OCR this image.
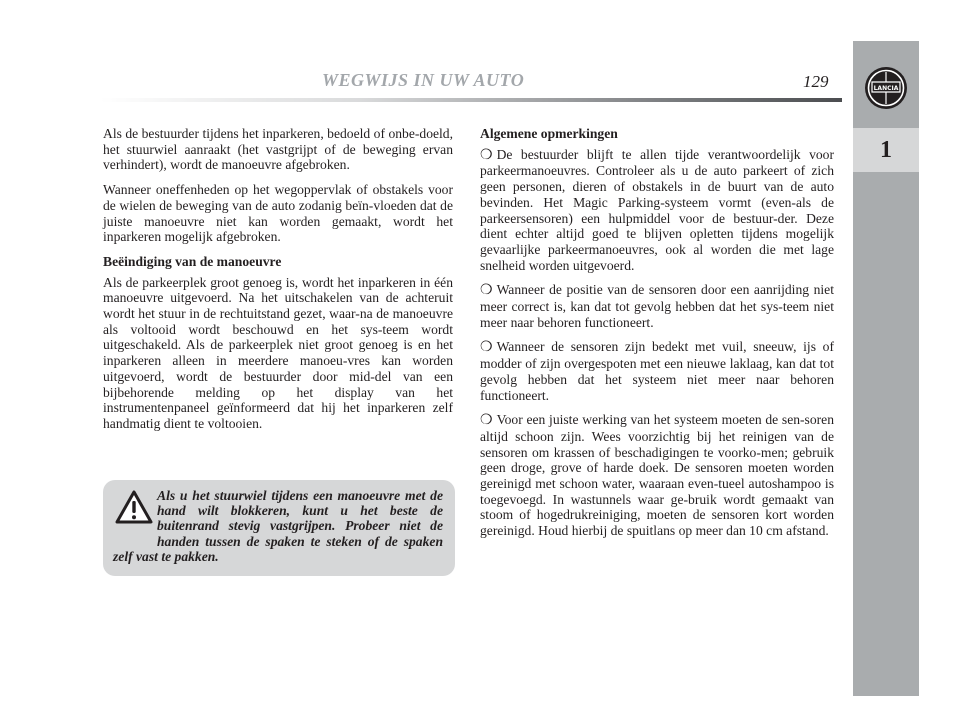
WEGWIJS IN UW AUTO	129	LANCIA
1

Als de bestuurder tijdens het inparkeren, bedoeld of onbe-doeld, het stuurwiel aanraakt (het vastgrijpt of de beweging ervan verhindert), wordt de manoeuvre afgebroken.

Wanneer oneffenheden op het wegoppervlak of obstakels voor de wielen de beweging van de auto zodanig beïn-vloeden dat de juiste manoeuvre niet kan worden gemaakt, wordt het inparkeren mogelijk afgebroken.

Beëindiging van de manoeuvre

Als de parkeerplek groot genoeg is, wordt het inparkeren in één manoeuvre uitgevoerd. Na het uitschakelen van de achteruit wordt het stuur in de rechtuitstand gezet, waar-na de manoeuvre als voltooid wordt beschouwd en het sys-teem wordt uitgeschakeld. Als de parkeerplek niet groot genoeg is en het inparkeren alleen in meerdere manoeu-vres kan worden uitgevoerd, wordt de bestuurder door mid-del van een bijbehorende melding op het display van het instrumentenpaneel geïnformeerd dat hij het inparkeren zelf handmatig dient te voltooien.

Als u het stuurwiel tijdens een manoeuvre met de hand wilt blokkeren, kunt u het beste de buitenrand stevig vastgrijpen. Probeer niet de handen tussen de spaken te steken of de spaken zelf vast te pakken.

Algemene opmerkingen

❍ De bestuurder blijft te allen tijde verantwoordelijk voor parkeermanoeuvres. Controleer als u de auto parkeert of zich geen personen, dieren of obstakels in de buurt van de auto bevinden. Het Magic Parking-systeem vormt (even-als de parkeersensoren) een hulpmiddel voor de bestuur-der. Deze dient echter altijd goed te blijven opletten tijdens mogelijk gevaarlijke parkeermanoeuvres, ook al worden die met lage snelheid worden uitgevoerd.

❍ Wanneer de positie van de sensoren door een aanrijding niet meer correct is, kan dat tot gevolg hebben dat het sys-teem niet meer naar behoren functioneert.

❍ Wanneer de sensoren zijn bedekt met vuil, sneeuw, ijs of modder of zijn overgespoten met een nieuwe laklaag, kan dat tot gevolg hebben dat het systeem niet meer naar behoren functioneert.

❍ Voor een juiste werking van het systeem moeten de sen-soren altijd schoon zijn. Wees voorzichtig bij het reinigen van de sensoren om krassen of beschadigingen te voorko-men; gebruik geen droge, grove of harde doek. De sensoren moeten worden gereinigd met schoon water, waaraan even-tueel autoshampoo is toegevoegd. In wastunnels waar ge-bruik wordt gemaakt van stoom of hogedrukreiniging, moeten de sensoren kort worden gereinigd. Houd hierbij de spuitlans op meer dan 10 cm afstand.
